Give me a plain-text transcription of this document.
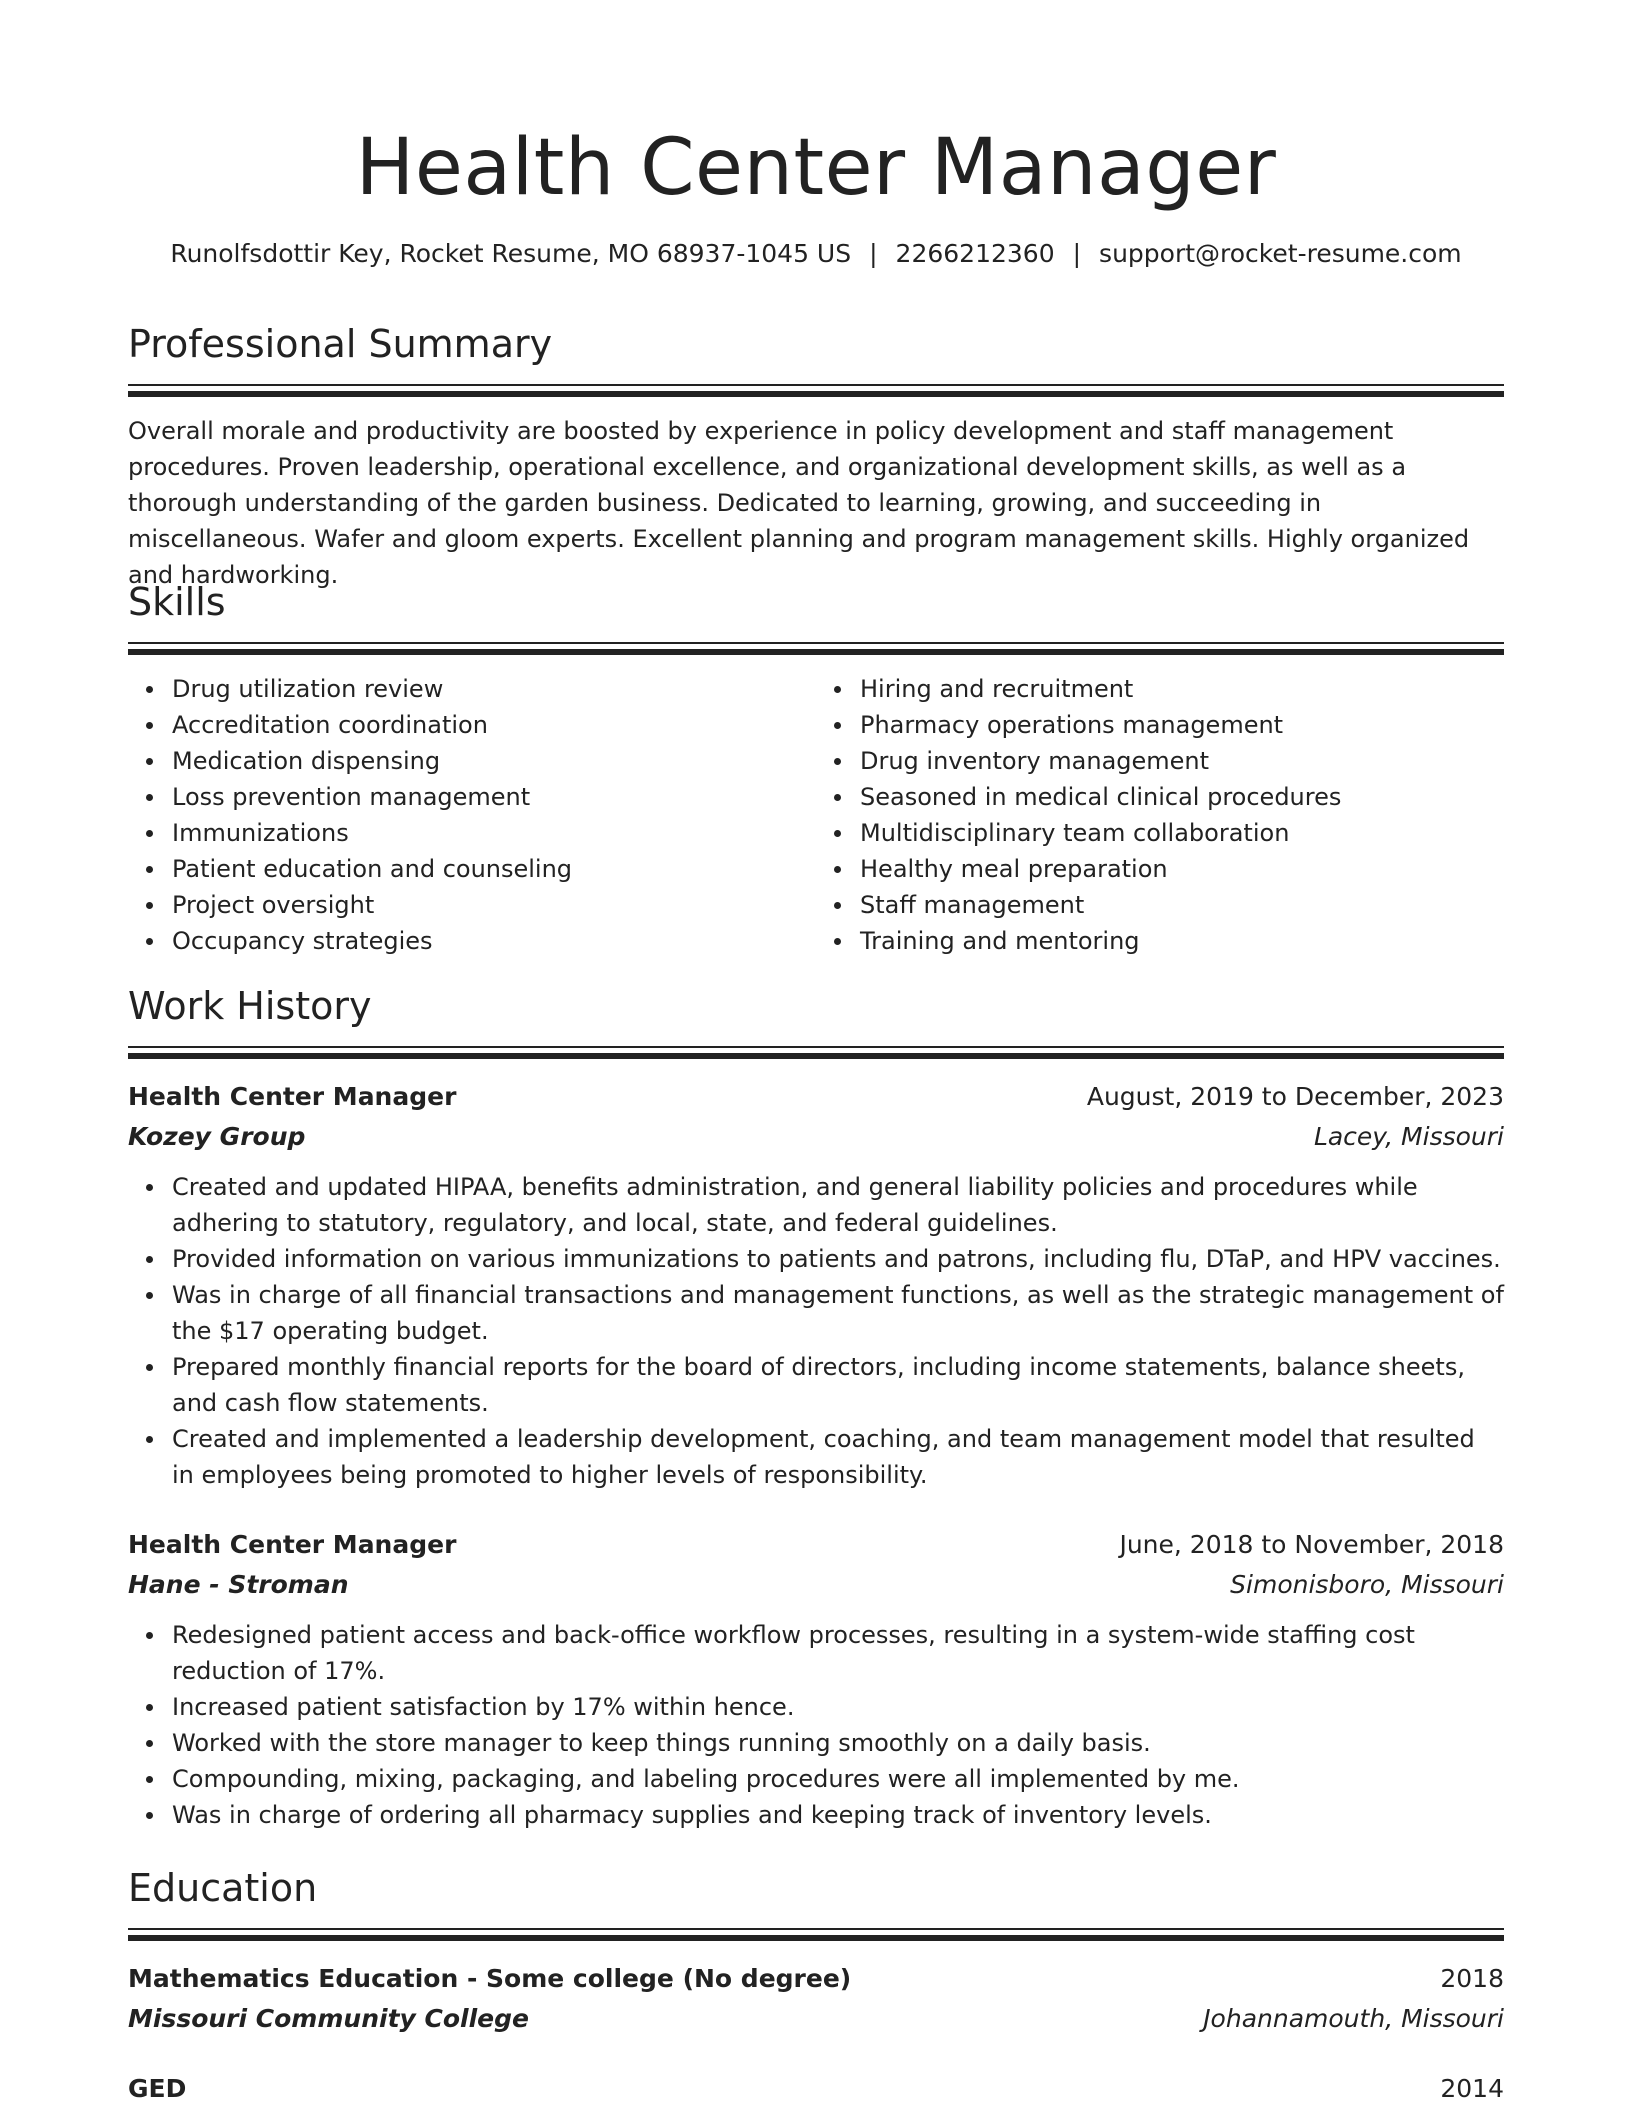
Health Center Manager
Runolfsdottir Key, Rocket Resume, MO 68937-1045 US | 2266212360 | support@rocket-resume.com
Professional Summary
Overall morale and productivity are boosted by experience in policy development and staff management procedures. Proven leadership, operational excellence, and organizational development skills, as well as a thorough understanding of the garden business. Dedicated to learning, growing, and succeeding in miscellaneous. Wafer and gloom experts. Excellent planning and program management skills. Highly organized and hardworking.
Skills
Drug utilization review
Accreditation coordination
Medication dispensing
Loss prevention management
Immunizations
Patient education and counseling
Project oversight
Occupancy strategies
Hiring and recruitment
Pharmacy operations management
Drug inventory management
Seasoned in medical clinical procedures
Multidisciplinary team collaboration
Healthy meal preparation
Staff management
Training and mentoring
Work History
Health Center Manager	August, 2019 to December, 2023
Kozey Group	Lacey, Missouri
Created and updated HIPAA, benefits administration, and general liability policies and procedures while adhering to statutory, regulatory, and local, state, and federal guidelines.
Provided information on various immunizations to patients and patrons, including flu, DTaP, and HPV vaccines.
Was in charge of all financial transactions and management functions, as well as the strategic management of the $17 operating budget.
Prepared monthly financial reports for the board of directors, including income statements, balance sheets, and cash flow statements.
Created and implemented a leadership development, coaching, and team management model that resulted in employees being promoted to higher levels of responsibility.
Health Center Manager	June, 2018 to November, 2018
Hane - Stroman	Simonisboro, Missouri
Redesigned patient access and back-office workflow processes, resulting in a system-wide staffing cost reduction of 17%.
Increased patient satisfaction by 17% within hence.
Worked with the store manager to keep things running smoothly on a daily basis.
Compounding, mixing, packaging, and labeling procedures were all implemented by me.
Was in charge of ordering all pharmacy supplies and keeping track of inventory levels.
Education
Mathematics Education - Some college (No degree)	2018
Missouri Community College	Johannamouth, Missouri
GED	2014
